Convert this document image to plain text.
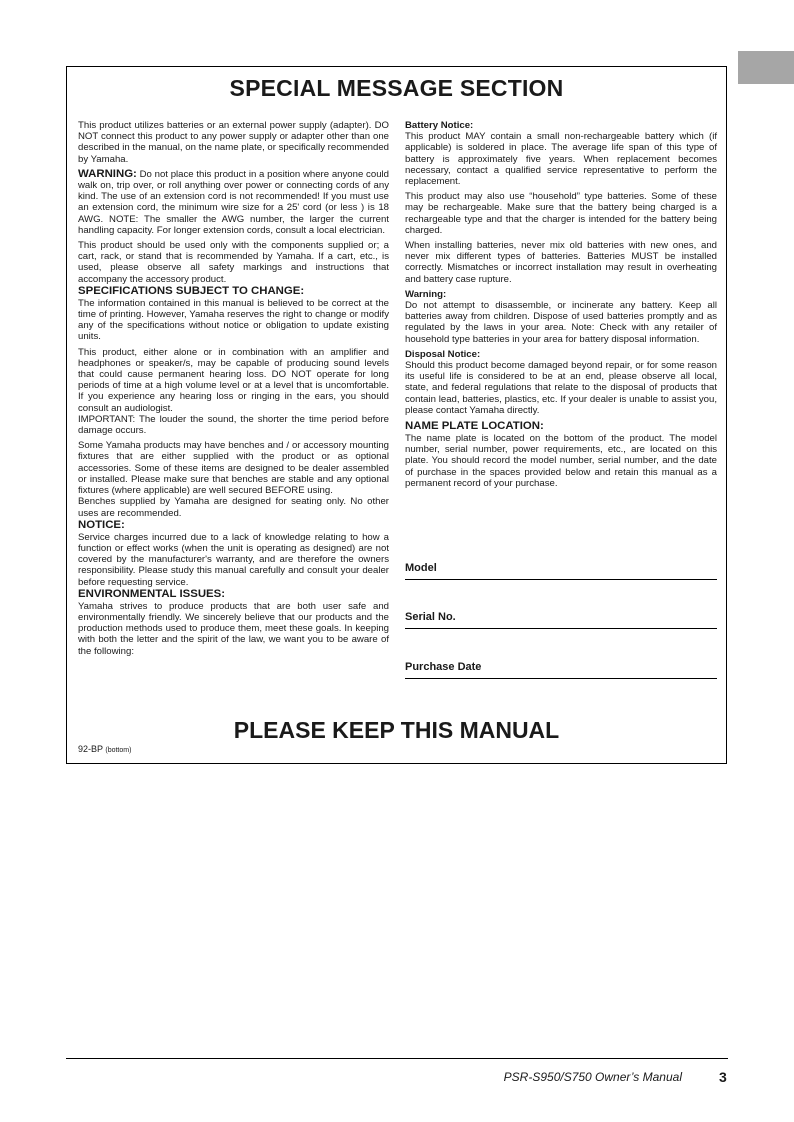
SPECIAL MESSAGE SECTION

This product utilizes batteries or an external power supply (adapter). DO NOT connect this product to any power supply or adapter other than one described in the manual, on the name plate, or specifically recommended by Yamaha.

WARNING: Do not place this product in a position where anyone could walk on, trip over, or roll anything over power or connecting cords of any kind. The use of an extension cord is not recommended! If you must use an extension cord, the minimum wire size for a 25' cord (or less ) is 18 AWG. NOTE: The smaller the AWG number, the larger the current handling capacity. For longer extension cords, consult a local electrician.

This product should be used only with the components supplied or; a cart, rack, or stand that is recommended by Yamaha. If a cart, etc., is used, please observe all safety markings and instructions that accompany the accessory product.

SPECIFICATIONS SUBJECT TO CHANGE:

The information contained in this manual is believed to be correct at the time of printing. However, Yamaha reserves the right to change or modify any of the specifications without notice or obligation to update existing units.

This product, either alone or in combination with an amplifier and headphones or speaker/s, may be capable of producing sound levels that could cause permanent hearing loss. DO NOT operate for long periods of time at a high volume level or at a level that is uncomfortable. If you experience any hearing loss or ringing in the ears, you should consult an audiologist.

IMPORTANT: The louder the sound, the shorter the time period before damage occurs.

Some Yamaha products may have benches and / or accessory mounting fixtures that are either supplied with the product or as optional accessories. Some of these items are designed to be dealer assembled or installed. Please make sure that benches are stable and any optional fixtures (where applicable) are well secured BEFORE using.

Benches supplied by Yamaha are designed for seating only. No other uses are recommended.

NOTICE:

Service charges incurred due to a lack of knowledge relating to how a function or effect works (when the unit is operating as designed) are not covered by the manufacturer's warranty, and are therefore the owners responsibility. Please study this manual carefully and consult your dealer before requesting service.

ENVIRONMENTAL ISSUES:

Yamaha strives to produce products that are both user safe and environmentally friendly. We sincerely believe that our products and the production methods used to produce them, meet these goals. In keeping with both the letter and the spirit of the law, we want you to be aware of the following:

Battery Notice:

This product MAY contain a small non-rechargeable battery which (if applicable) is soldered in place. The average life span of this type of battery is approximately five years. When replacement becomes necessary, contact a qualified service representative to perform the replacement.

This product may also use “household” type batteries. Some of these may be rechargeable. Make sure that the battery being charged is a rechargeable type and that the charger is intended for the battery being charged.

When installing batteries, never mix old batteries with new ones, and never mix different types of batteries. Batteries MUST be installed correctly. Mismatches or incorrect installation may result in overheating and battery case rupture.

Warning:

Do not attempt to disassemble, or incinerate any battery. Keep all batteries away from children. Dispose of used batteries promptly and as regulated by the laws in your area. Note: Check with any retailer of household type batteries in your area for battery disposal information.

Disposal Notice:

Should this product become damaged beyond repair, or for some reason its useful life is considered to be at an end, please observe all local, state, and federal regulations that relate to the disposal of products that contain lead, batteries, plastics, etc. If your dealer is unable to assist you, please contact Yamaha directly.

NAME PLATE LOCATION:

The name plate is located on the bottom of the product. The model number, serial number, power requirements, etc., are located on this plate. You should record the model number, serial number, and the date of purchase in the spaces provided below and retain this manual as a permanent record of your purchase.

Model
Serial No.
Purchase Date
PLEASE KEEP THIS MANUAL
92-BP (bottom)
PSR-S950/S750 Owner’s Manual	3
